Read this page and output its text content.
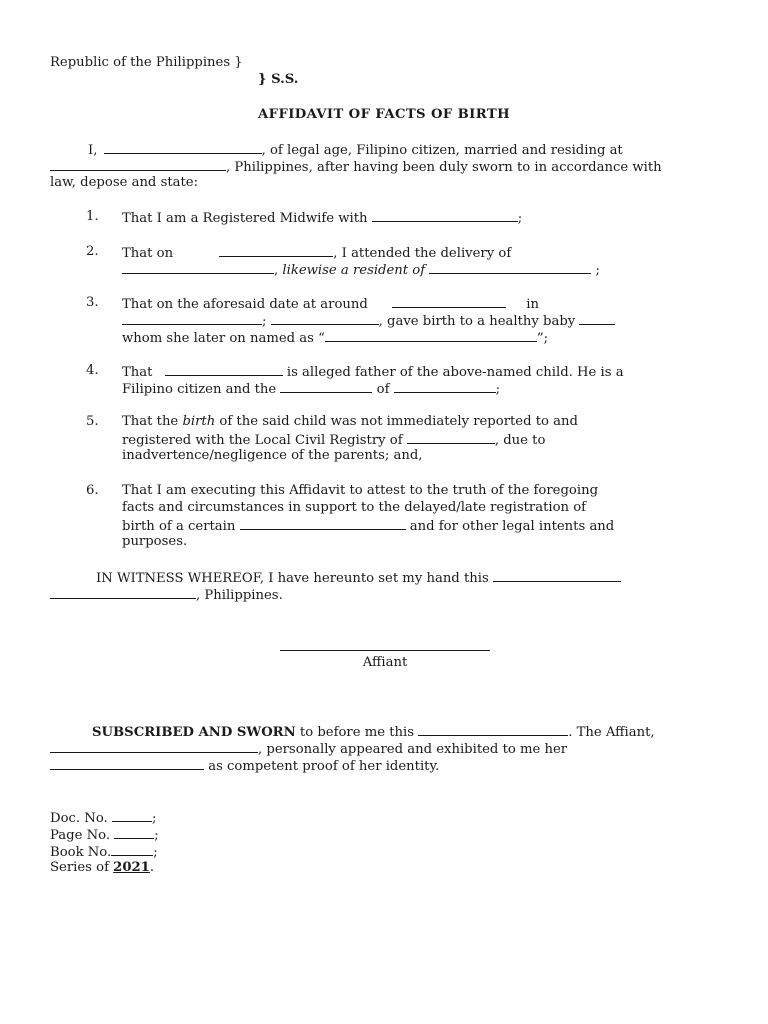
Republic of the Philippines }
} S.S.
AFFIDAVIT OF FACTS OF BIRTH
I,	, of legal age, Filipino citizen, married and residing at
, Philippines, after having been duly sworn to in accordance with
law, depose and state:
1. That I am a Registered Midwife with	;
2. That on	, I attended the delivery of
, likewise a resident of	;
3. That on the aforesaid date at around	in
;	, gave birth to a healthy baby
whom she later on named as “	”;
4. That	is alleged father of the above-named child. He is a
Filipino citizen and the	of	;
5. That the birth of the said child was not immediately reported to and
registered with the Local Civil Registry of	, due to
inadvertence/negligence of the parents; and,
6. That I am executing this Affidavit to attest to the truth of the foregoing
facts and circumstances in support to the delayed/late registration of
birth of a certain	and for other legal intents and
purposes.
IN WITNESS WHEREOF, I have hereunto set my hand this
, Philippines.
Affiant
SUBSCRIBED AND SWORN to before me this	. The Affiant,
, personally appeared and exhibited to me her
as competent proof of her identity.
Doc. No.	;
Page No.	;
Book No.	;
Series of 2021.
